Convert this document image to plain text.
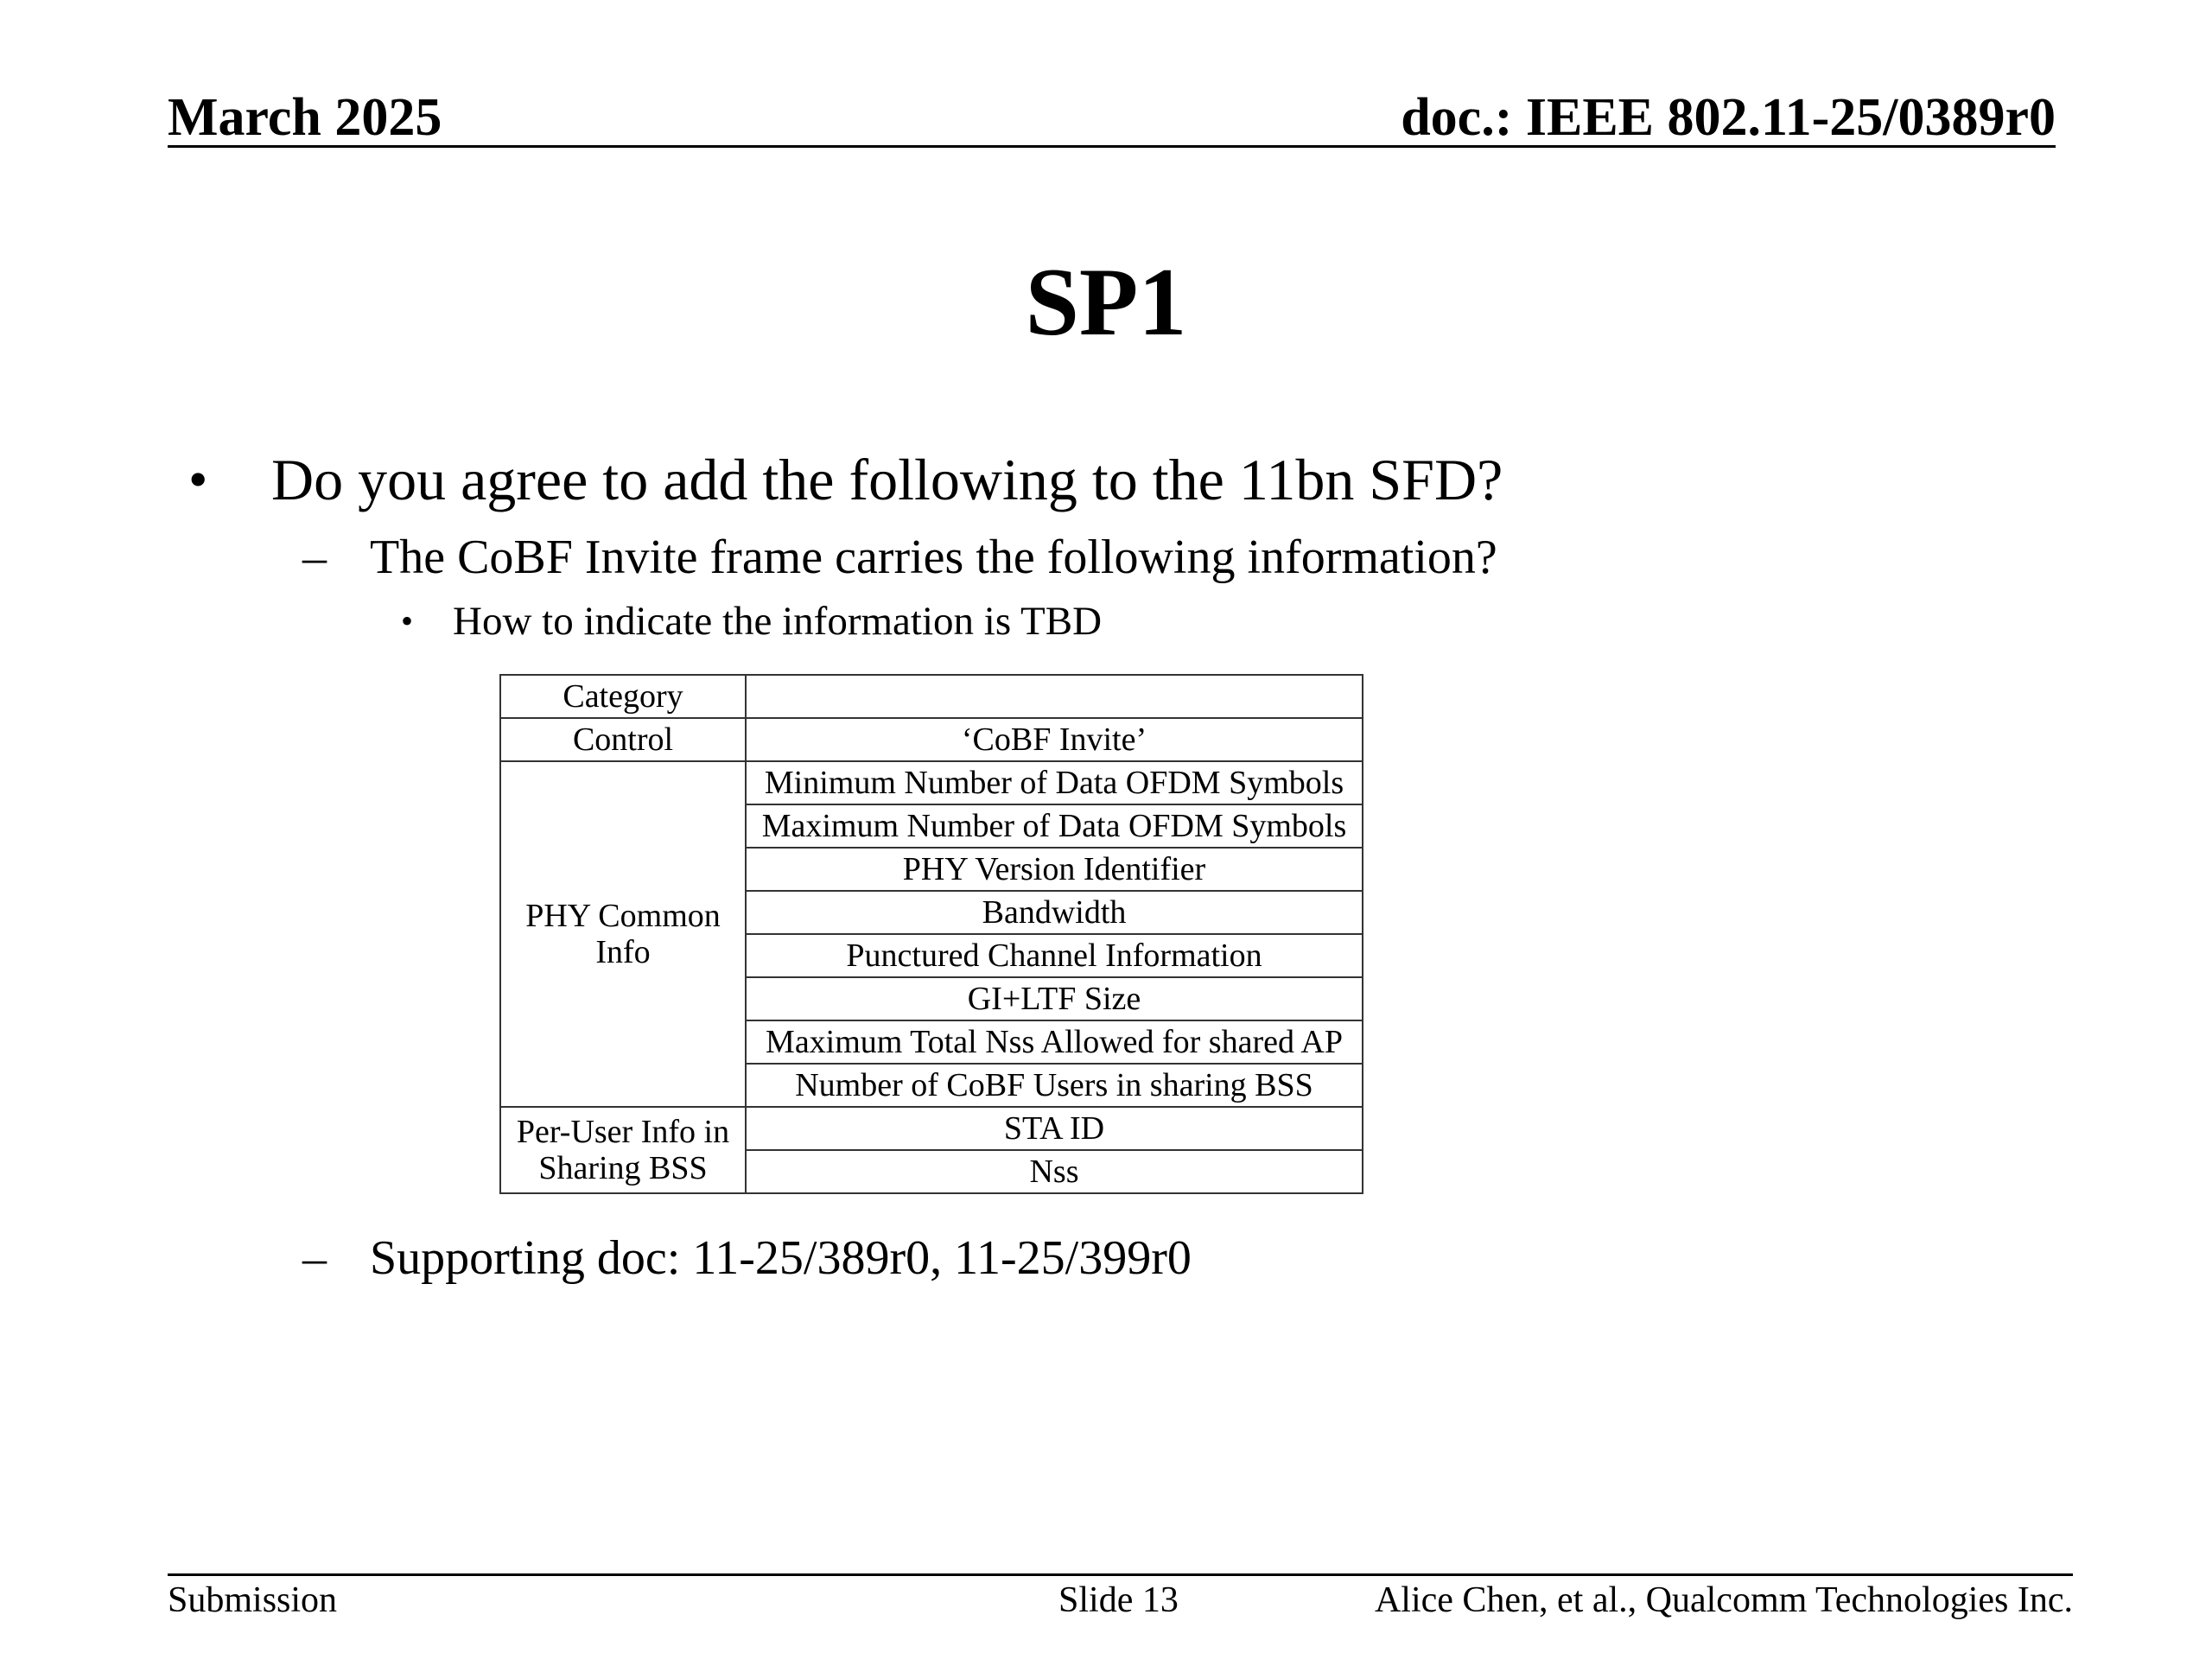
March 2025	doc.: IEEE 802.11-25/0389r0
SP1
• Do you agree to add the following to the 11bn SFD?
– The CoBF Invite frame carries the following information?
• How to indicate the information is TBD
Category	
Control	‘CoBF Invite’
PHY Common Info	Minimum Number of Data OFDM Symbols
	Maximum Number of Data OFDM Symbols
	PHY Version Identifier
	Bandwidth
	Punctured Channel Information
	GI+LTF Size
	Maximum Total Nss Allowed for shared AP
	Number of CoBF Users in sharing BSS
Per-User Info in Sharing BSS	STA ID
	Nss
– Supporting doc: 11-25/389r0, 11-25/399r0
Submission	Slide 13	Alice Chen, et al., Qualcomm Technologies Inc.
